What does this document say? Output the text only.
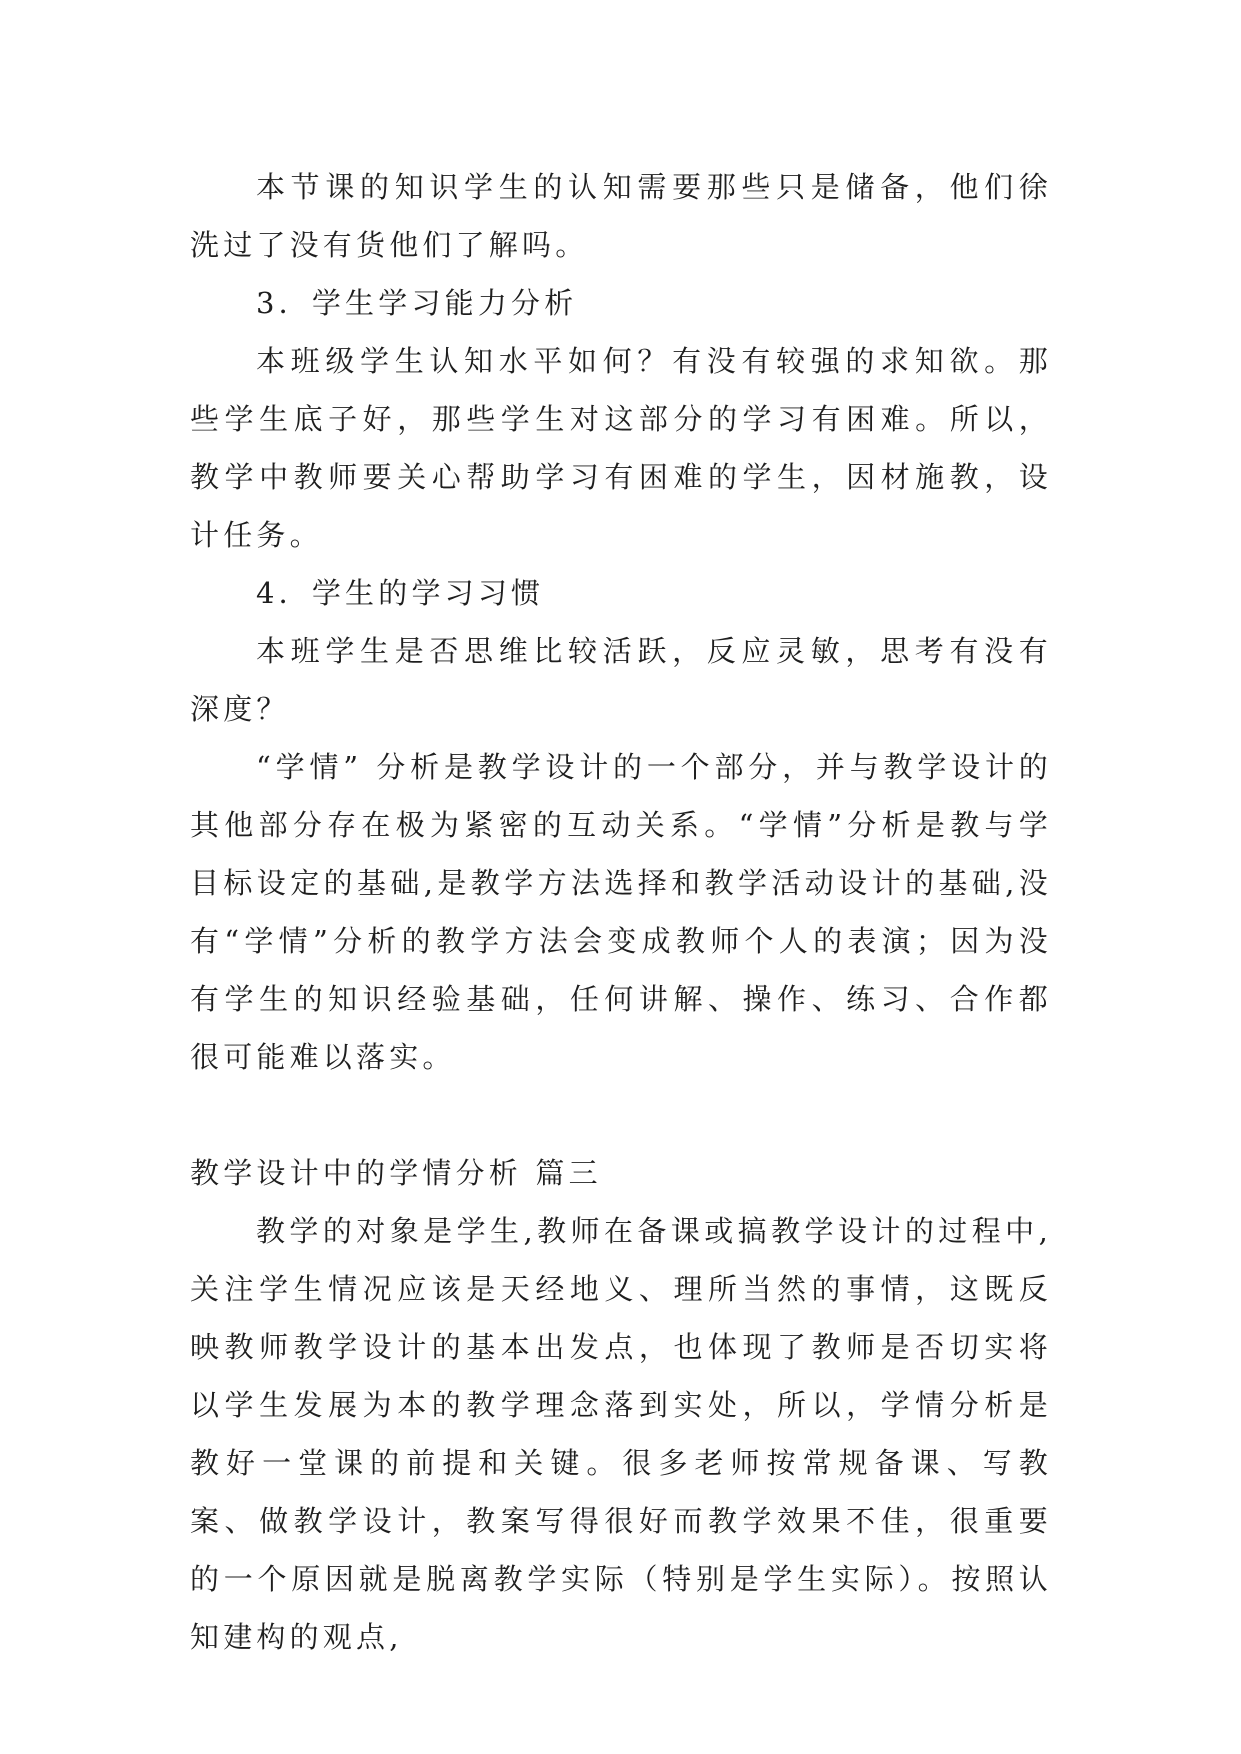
本节课的知识学生的认知需要那些只是储备，他们徐洗过了没有货他们了解吗。

3．学生学习能力分析

本班级学生认知水平如何？有没有较强的求知欲。那些学生底子好，那些学生对这部分的学习有困难。所以，教学中教师要关心帮助学习有困难的学生，因材施教，设计任务。

4．学生的学习习惯

本班学生是否思维比较活跃，反应灵敏，思考有没有深度？

“学情” 分析是教学设计的一个部分，并与教学设计的其他部分存在极为紧密的互动关系。“学情”分析是教与学目标设定的基础,是教学方法选择和教学活动设计的基础,没有“学情”分析的教学方法会变成教师个人的表演；因为没有学生的知识经验基础，任何讲解、操作、练习、合作都很可能难以落实。

教学设计中的学情分析 篇三

教学的对象是学生,教师在备课或搞教学设计的过程中,关注学生情况应该是天经地义、理所当然的事情，这既反映教师教学设计的基本出发点，也体现了教师是否切实将以学生发展为本的教学理念落到实处，所以，学情分析是教好一堂课的前提和关键。很多老师按常规备课、写教案、做教学设计，教案写得很好而教学效果不佳，很重要的一个原因就是脱离教学实际（特别是学生实际）。按照认知建构的观点,
